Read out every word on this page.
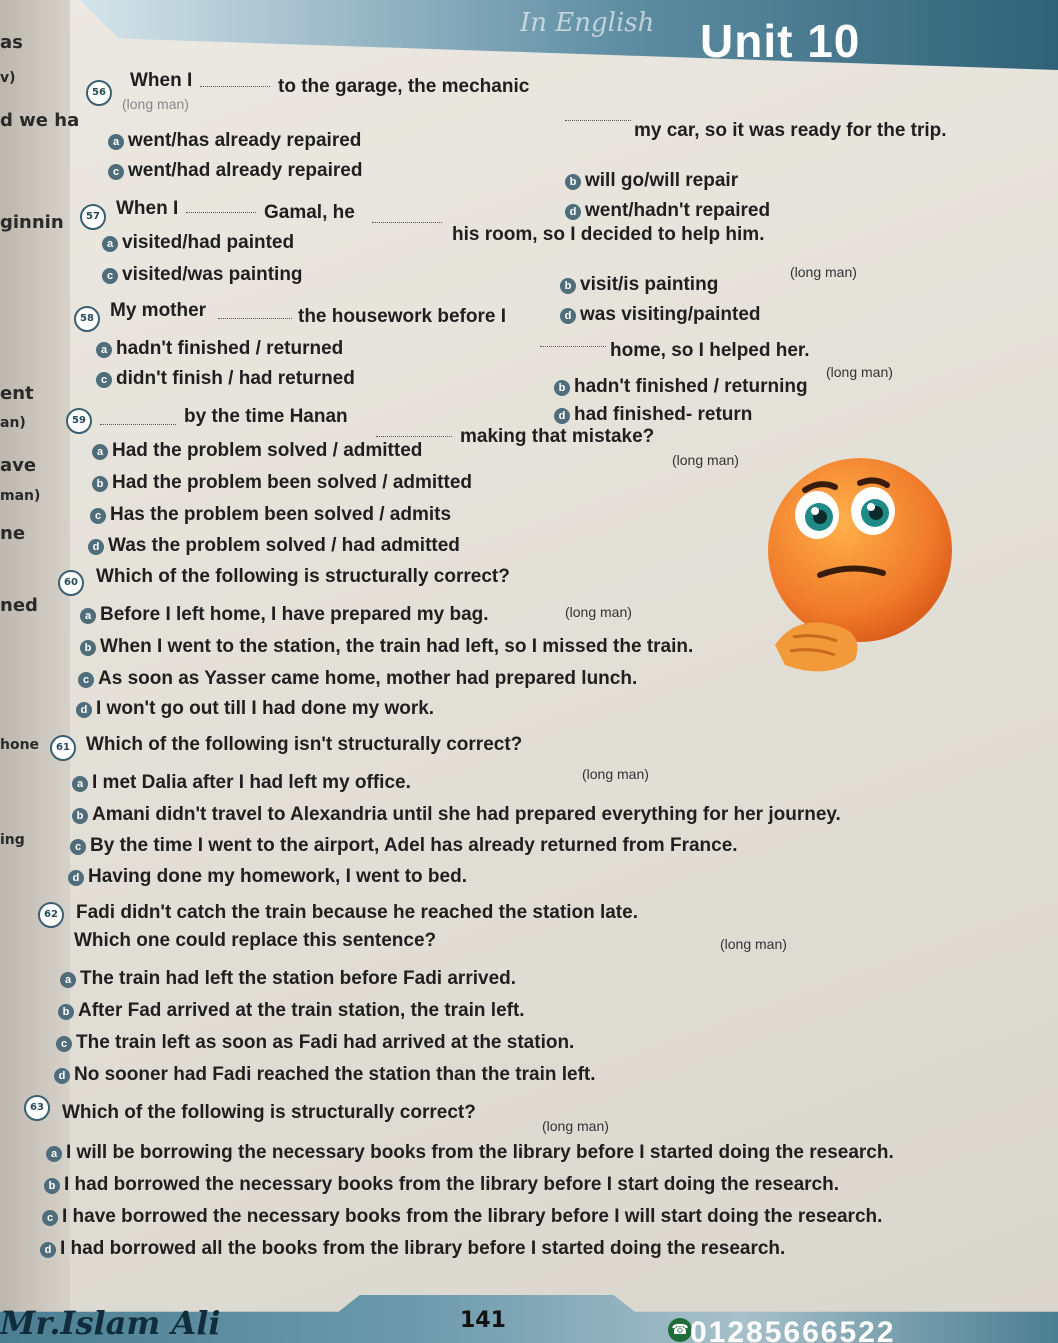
as
v)
d we ha
ginnin
ent
an)
ave
man)
ne
ned
hone
ing
In English Unit 10
56
When I
(long man)
to the garage, the mechanic
my car, so it was ready for the trip.
a went/has already repaired
c went/had already repaired
b will go/will repair
d went/hadn't repaired
57 When I	Gamal, he
his room, so I decided to help him.
(long man)
a visited/had painted
c visited/was painting
b visit/is painting
d was visiting/painted
58 My mother	the housework before I
home, so I helped her.
(long man)
a hadn't finished / returned
c didn't finish / had returned	b hadn't finished / returning
d had finished- return
59	by the time Hanan
making that mistake?
(long man)
a Had the problem solved / admitted
b Had the problem been solved / admitted
c Has the problem been solved / admits
d Was the problem solved / had admitted
60 Which of the following is structurally correct?
(long man)
a Before I left home, I have prepared my bag.
b When I went to the station, the train had left, so I missed the train.
c As soon as Yasser came home, mother had prepared lunch.
d I won't go out till I had done my work.
61 Which of the following isn't structurally correct?
(long man)
a I met Dalia after I had left my office.
b Amani didn't travel to Alexandria until she had prepared everything for her journey.
c By the time I went to the airport, Adel has already returned from France.
d Having done my homework, I went to bed.
62 Fadi didn't catch the train because he reached the station late.
(long man)
Which one could replace this sentence?
a The train had left the station before Fadi arrived.
b After Fad arrived at the train station, the train left.
c The train left as soon as Fadi had arrived at the station.
d No sooner had Fadi reached the station than the train left.
63 Which of the following is structurally correct?
(long man)
a I will be borrowing the necessary books from the library before I started doing the research.
b I had borrowed the necessary books from the library before I start doing the research.
c I have borrowed the necessary books from the library before I will start doing the research.
d I had borrowed all the books from the library before I started doing the research.
Mr.Islam Ali	141	☎ 01285666522
